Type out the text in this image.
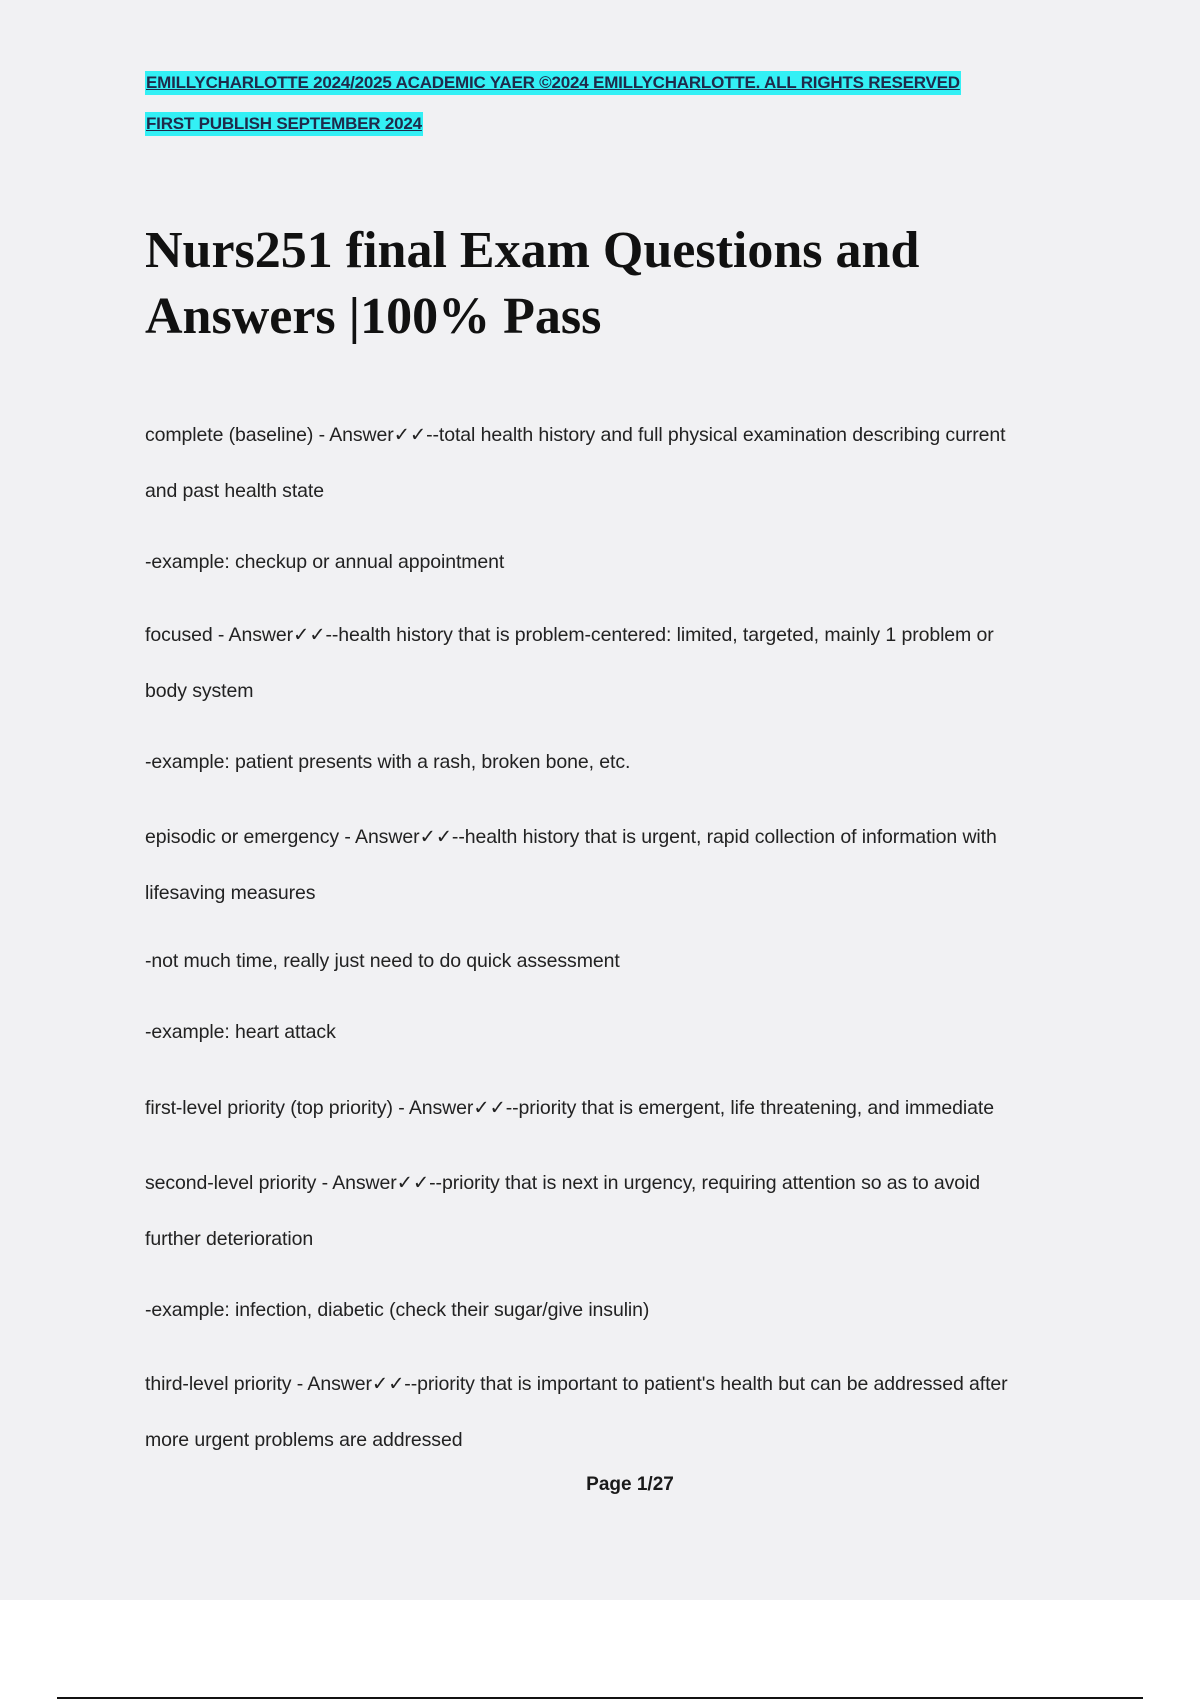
EMILLYCHARLOTTE 2024/2025 ACADEMIC YAER ©2024 EMILLYCHARLOTTE. ALL RIGHTS RESERVED
FIRST PUBLISH SEPTEMBER 2024
Nurs251 final Exam Questions and Answers |100% Pass
complete (baseline) - Answer✓✓--total health history and full physical examination describing current
and past health state
-example: checkup or annual appointment
focused - Answer✓✓--health history that is problem-centered: limited, targeted, mainly 1 problem or
body system
-example: patient presents with a rash, broken bone, etc.
episodic or emergency - Answer✓✓--health history that is urgent, rapid collection of information with
lifesaving measures
-not much time, really just need to do quick assessment
-example: heart attack
first-level priority (top priority) - Answer✓✓--priority that is emergent, life threatening, and immediate
second-level priority - Answer✓✓--priority that is next in urgency, requiring attention so as to avoid
further deterioration
-example: infection, diabetic (check their sugar/give insulin)
third-level priority - Answer✓✓--priority that is important to patient's health but can be addressed after
more urgent problems are addressed
Page 1/27
